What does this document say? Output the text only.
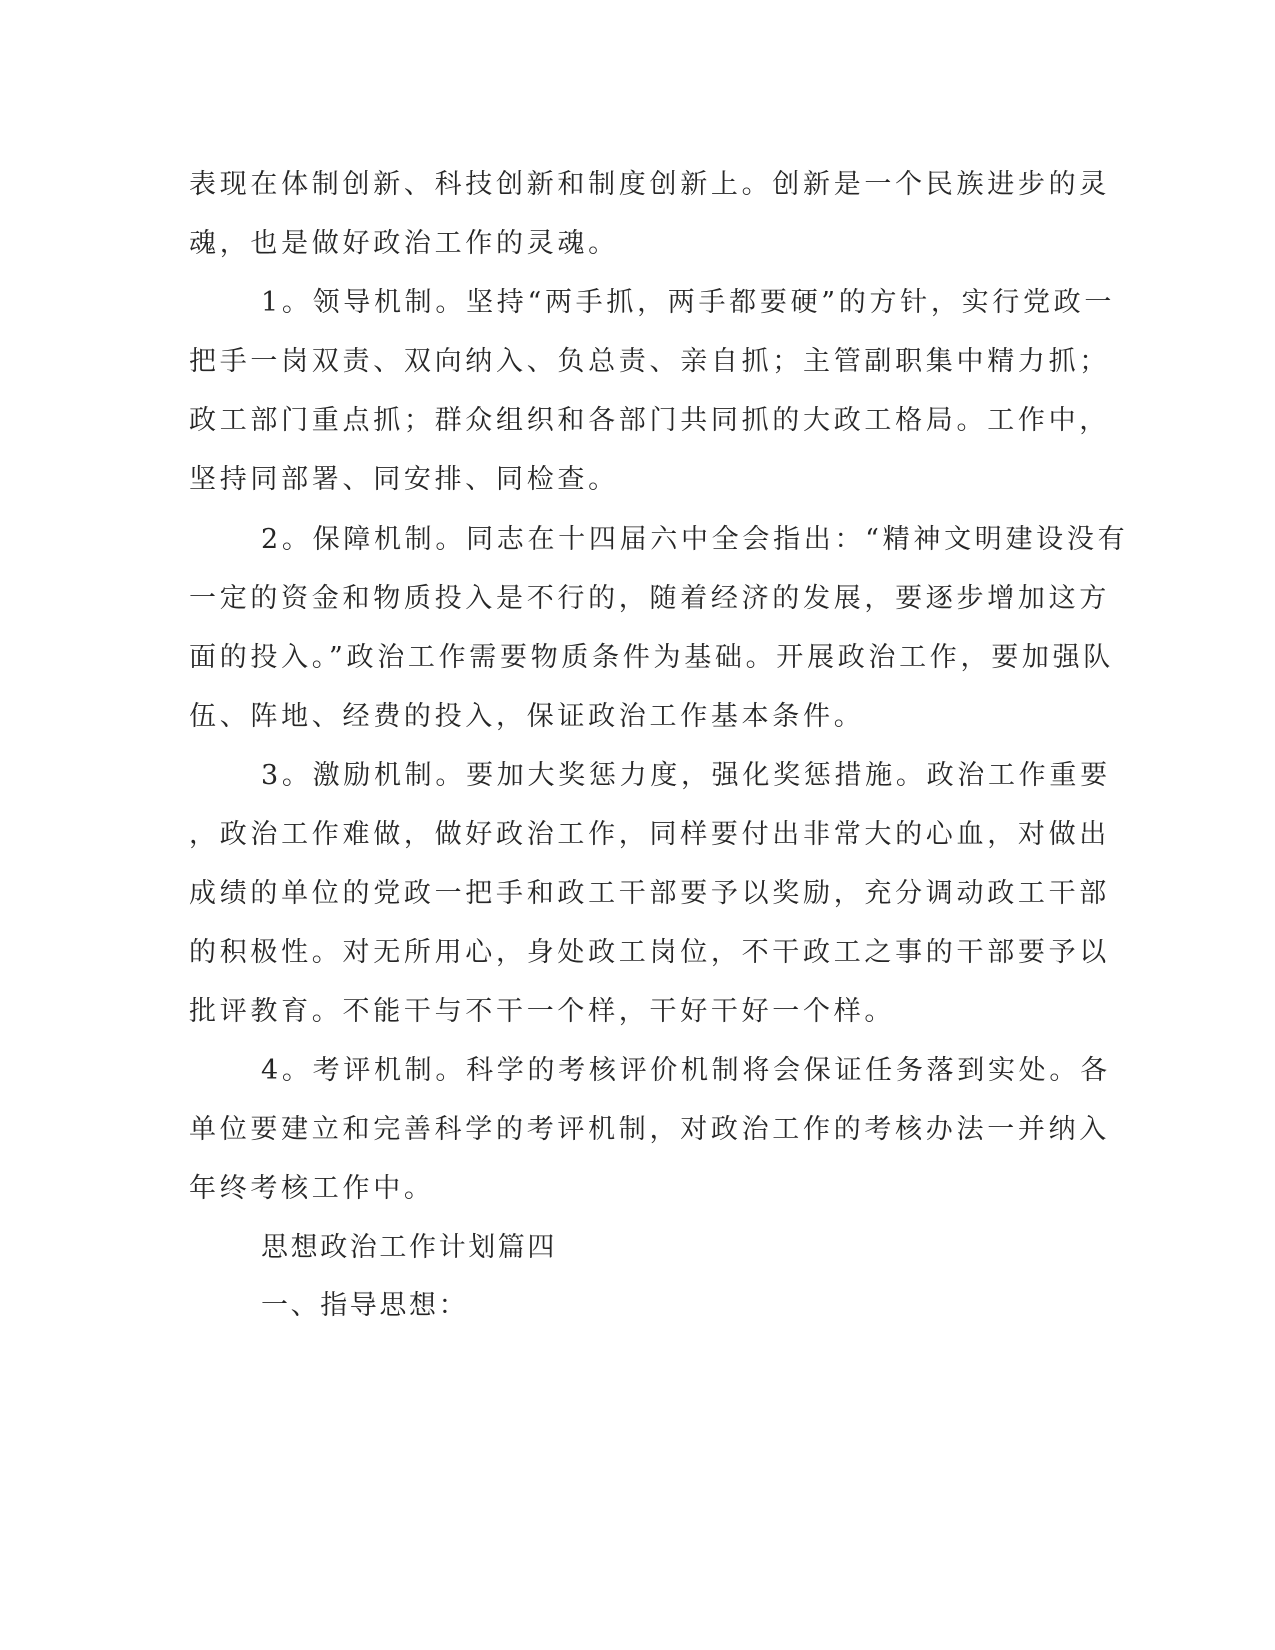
表现在体制创新、科技创新和制度创新上。创新是一个民族进步的灵
魂，也是做好政治工作的灵魂。
1。领导机制。坚持“两手抓，两手都要硬”的方针，实行党政一
把手一岗双责、双向纳入、负总责、亲自抓；主管副职集中精力抓；
政工部门重点抓；群众组织和各部门共同抓的大政工格局。工作中，
坚持同部署、同安排、同检查。
2。保障机制。同志在十四届六中全会指出：“精神文明建设没有
一定的资金和物质投入是不行的，随着经济的发展，要逐步增加这方
面的投入。”政治工作需要物质条件为基础。开展政治工作，要加强队
伍、阵地、经费的投入，保证政治工作基本条件。
3。激励机制。要加大奖惩力度，强化奖惩措施。政治工作重要
，政治工作难做，做好政治工作，同样要付出非常大的心血，对做出
成绩的单位的党政一把手和政工干部要予以奖励，充分调动政工干部
的积极性。对无所用心，身处政工岗位，不干政工之事的干部要予以
批评教育。不能干与不干一个样，干好干好一个样。
4。考评机制。科学的考核评价机制将会保证任务落到实处。各
单位要建立和完善科学的考评机制，对政治工作的考核办法一并纳入
年终考核工作中。
思想政治工作计划篇四
一、指导思想：
